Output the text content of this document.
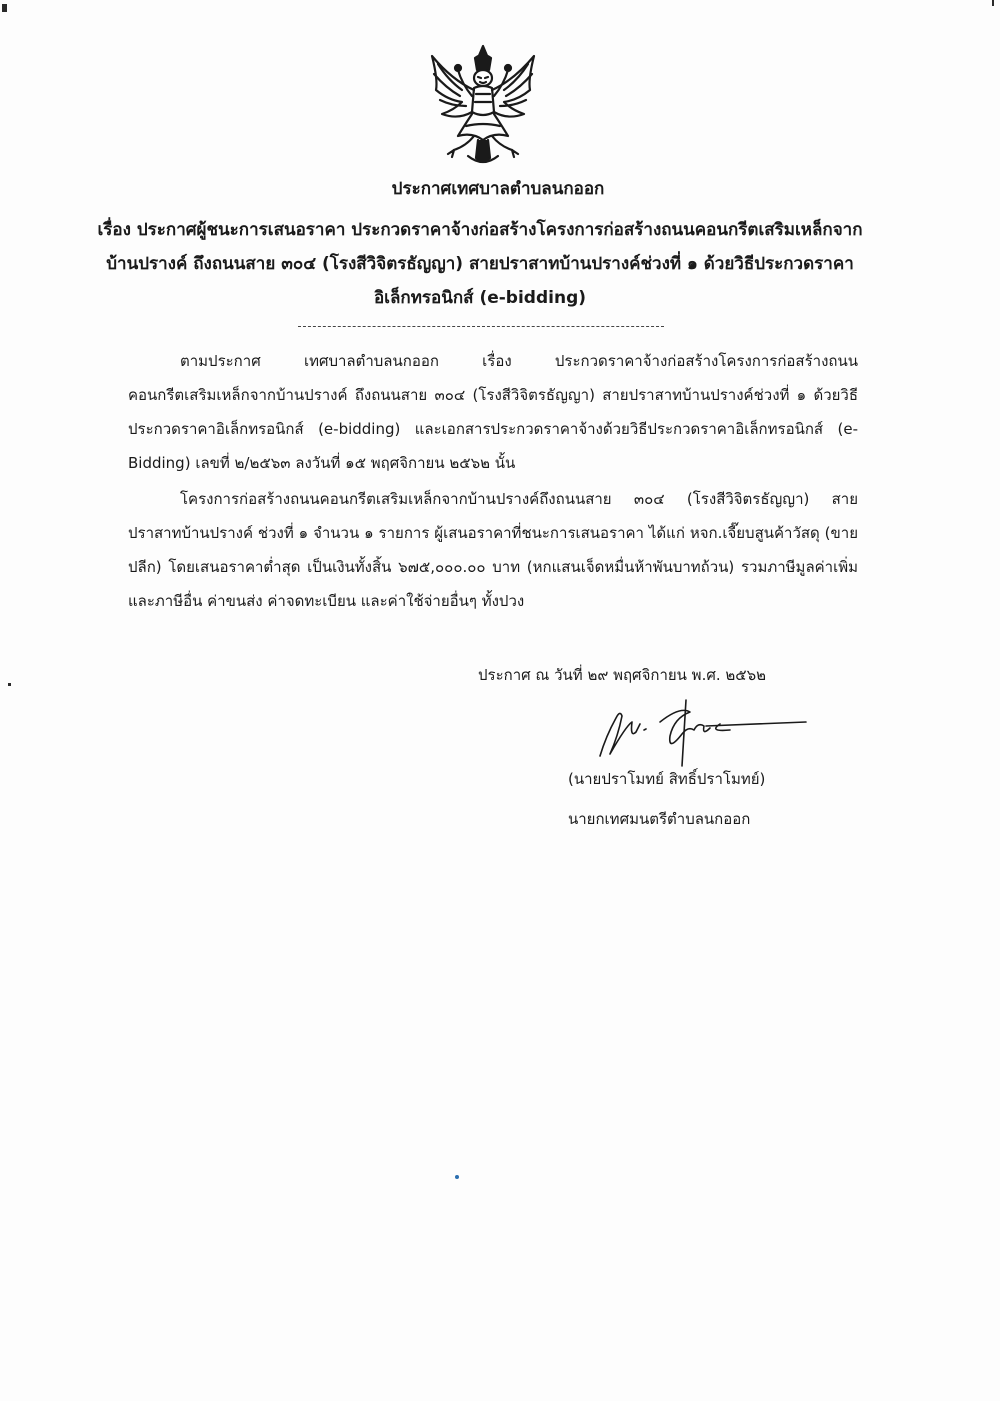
ประกาศเทศบาลตำบลนกออก
เรื่อง ประกาศผู้ชนะการเสนอราคา ประกวดราคาจ้างก่อสร้างโครงการก่อสร้างถนนคอนกรีตเสริมเหล็กจากบ้านปรางค์ ถึงถนนสาย ๓๐๔ (โรงสีวิจิตรธัญญา) สายปราสาทบ้านปรางค์ช่วงที่ ๑ ด้วยวิธีประกวดราคาอิเล็กทรอนิกส์ (e-bidding)
ตามประกาศ เทศบาลตำบลนกออก เรื่อง ประกวดราคาจ้างก่อสร้างโครงการก่อสร้างถนนคอนกรีตเสริมเหล็กจากบ้านปรางค์ ถึงถนนสาย ๓๐๔ (โรงสีวิจิตรธัญญา) สายปราสาทบ้านปรางค์ช่วงที่ ๑ ด้วยวิธีประกวดราคาอิเล็กทรอนิกส์ (e-bidding) และเอกสารประกวดราคาจ้างด้วยวิธีประกวดราคาอิเล็กทรอนิกส์ (e-Bidding) เลขที่ ๒/๒๕๖๓ ลงวันที่ ๑๕ พฤศจิกายน ๒๕๖๒ นั้น
โครงการก่อสร้างถนนคอนกรีตเสริมเหล็กจากบ้านปรางค์ถึงถนนสาย ๓๐๔ (โรงสีวิจิตรธัญญา) สายปราสาทบ้านปรางค์ ช่วงที่ ๑ จำนวน ๑ รายการ ผู้เสนอราคาที่ชนะการเสนอราคา ได้แก่ หจก.เจี๊ยบสูนค้าวัสดุ (ขายปลีก) โดยเสนอราคาต่ำสุด เป็นเงินทั้งสิ้น ๖๗๕,๐๐๐.๐๐ บาท (หกแสนเจ็ดหมื่นห้าพันบาทถ้วน) รวมภาษีมูลค่าเพิ่มและภาษีอื่น ค่าขนส่ง ค่าจดทะเบียน และค่าใช้จ่ายอื่นๆ ทั้งปวง
ประกาศ ณ วันที่ ๒๙ พฤศจิกายน พ.ศ. ๒๕๖๒
(นายปราโมทย์ สิทธิ์ปราโมทย์)
นายกเทศมนตรีตำบลนกออก
